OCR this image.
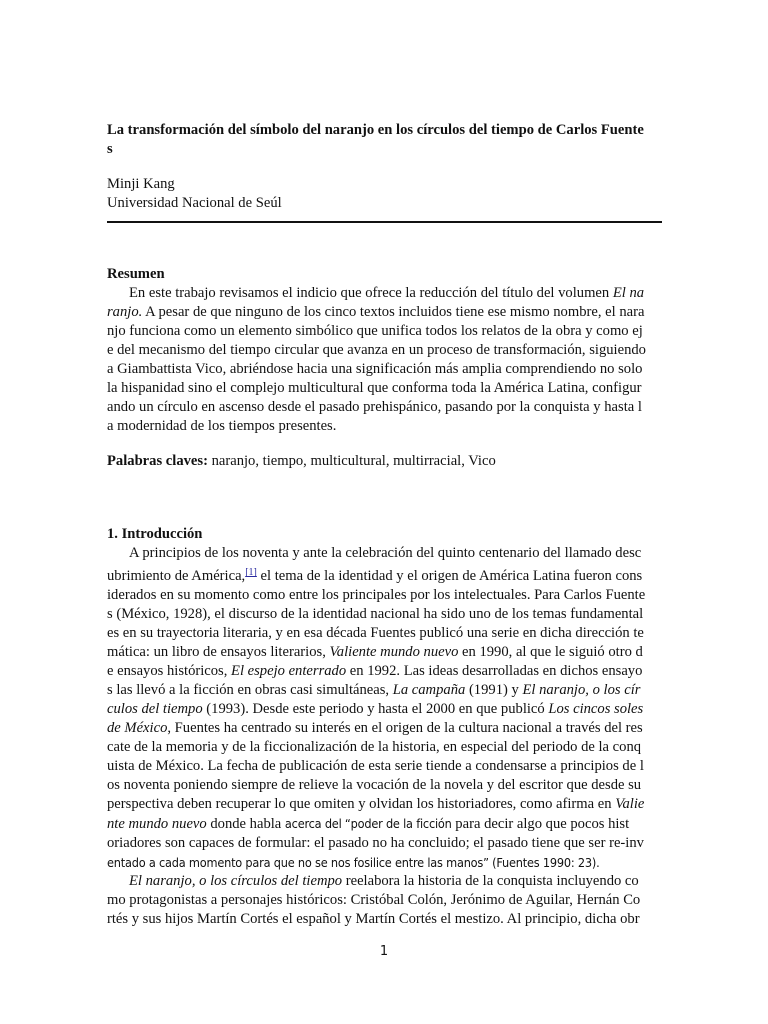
La transformación del símbolo del naranjo en los círculos del tiempo de Carlos Fuente
s
Minji Kang
Universidad Nacional de Seúl
Resumen
En este trabajo revisamos el indicio que ofrece la reducción del título del volumen El na
ranjo. A pesar de que ninguno de los cinco textos incluidos tiene ese mismo nombre, el nara
njo funciona como un elemento simbólico que unifica todos los relatos de la obra y como ej
e del mecanismo del tiempo circular que avanza en un proceso de transformación, siguiendo
a Giambattista Vico, abriéndose hacia una significación más amplia comprendiendo no solo
la hispanidad sino el complejo multicultural que conforma toda la América Latina, configur
ando un círculo en ascenso desde el pasado prehispánico, pasando por la conquista y hasta l
a modernidad de los tiempos presentes.
Palabras claves: naranjo, tiempo, multicultural, multirracial, Vico
1. Introducción
A principios de los noventa y ante la celebración del quinto centenario del llamado desc
ubrimiento de América,[1] el tema de la identidad y el origen de América Latina fueron cons
iderados en su momento como entre los principales por los intelectuales. Para Carlos Fuente
s (México, 1928), el discurso de la identidad nacional ha sido uno de los temas fundamental
es en su trayectoria literaria, y en esa década Fuentes publicó una serie en dicha dirección te
mática: un libro de ensayos literarios, Valiente mundo nuevo en 1990, al que le siguió otro d
e ensayos históricos, El espejo enterrado en 1992. Las ideas desarrolladas en dichos ensayo
s las llevó a la ficción en obras casi simultáneas, La campaña (1991) y El naranjo, o los cír
culos del tiempo (1993). Desde este periodo y hasta el 2000 en que publicó Los cincos soles
de México, Fuentes ha centrado su interés en el origen de la cultura nacional a través del res
cate de la memoria y de la ficcionalización de la historia, en especial del periodo de la conq
uista de México. La fecha de publicación de esta serie tiende a condensarse a principios de l
os noventa poniendo siempre de relieve la vocación de la novela y del escritor que desde su
perspectiva deben recuperar lo que omiten y olvidan los historiadores, como afirma en Valie
nte mundo nuevo donde habla acerca del “poder de la ficción para decir algo que pocos hist
oriadores son capaces de formular: el pasado no ha concluido; el pasado tiene que ser re-inv
entado a cada momento para que no se nos fosilice entre las manos” (Fuentes 1990: 23).
El naranjo, o los círculos del tiempo reelabora la historia de la conquista incluyendo co
mo protagonistas a personajes históricos: Cristóbal Colón, Jerónimo de Aguilar, Hernán Co
rtés y sus hijos Martín Cortés el español y Martín Cortés el mestizo. Al principio, dicha obr
1
